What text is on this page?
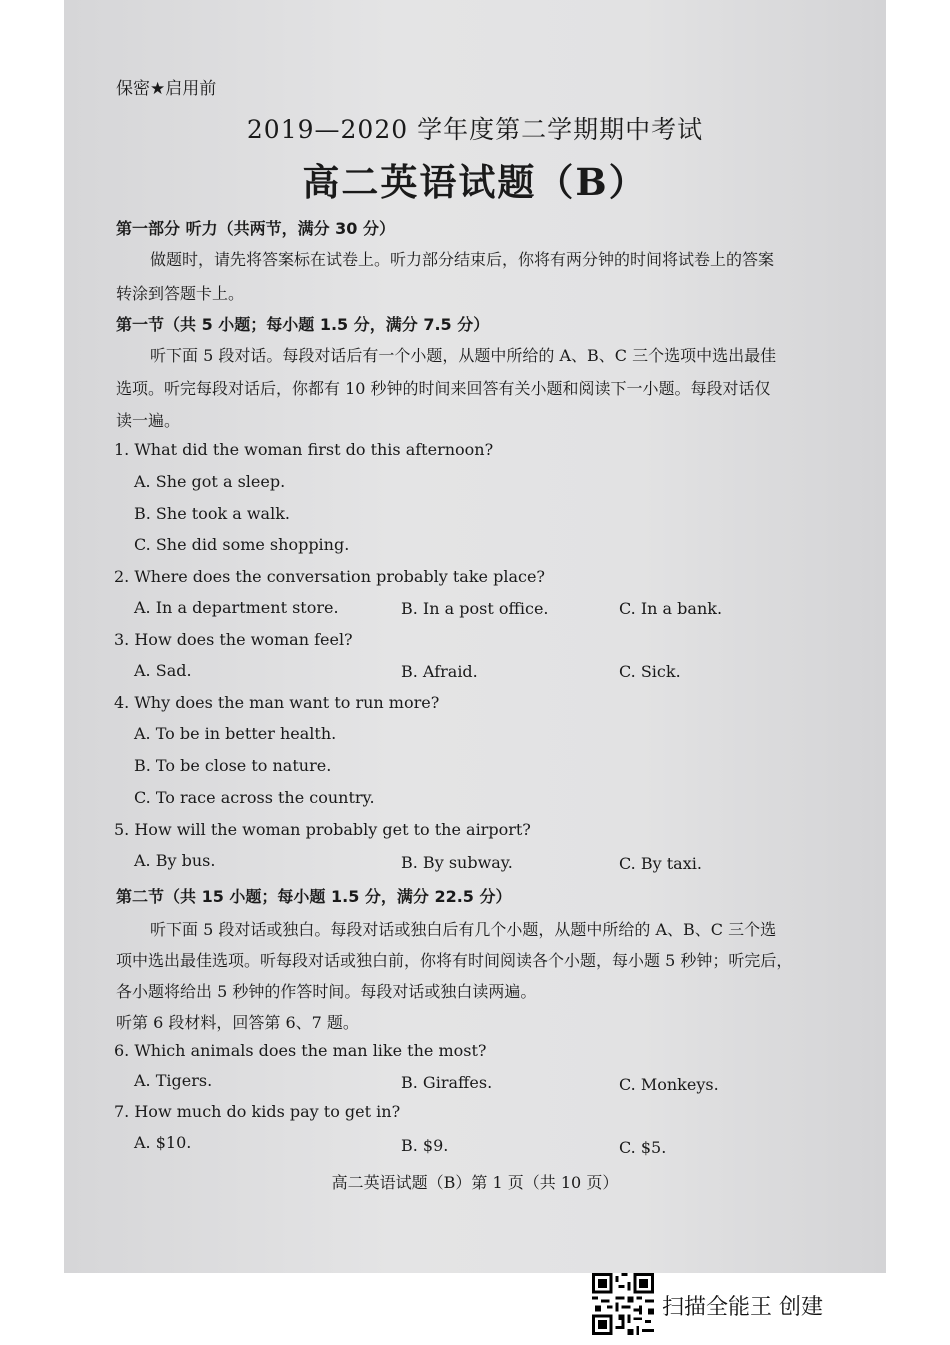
保密★启用前
2019—2020 学年度第二学期期中考试
高二英语试题（B）
第一部分 听力（共两节，满分 30 分）
做题时，请先将答案标在试卷上。听力部分结束后，你将有两分钟的时间将试卷上的答案
转涂到答题卡上。
第一节（共 5 小题；每小题 1.5 分，满分 7.5 分）
听下面 5 段对话。每段对话后有一个小题，从题中所给的 A、B、C 三个选项中选出最佳
选项。听完每段对话后，你都有 10 秒钟的时间来回答有关小题和阅读下一小题。每段对话仅
读一遍。
1. What did the woman first do this afternoon?
A. She got a sleep.
B. She took a walk.
C. She did some shopping.
2. Where does the conversation probably take place?
A. In a department store.	B. In a post office.	C. In a bank.
3. How does the woman feel?
A. Sad.	B. Afraid.	C. Sick.
4. Why does the man want to run more?
A. To be in better health.
B. To be close to nature.
C. To race across the country.
5. How will the woman probably get to the airport?
A. By bus.	B. By subway.	C. By taxi.
第二节（共 15 小题；每小题 1.5 分，满分 22.5 分）
听下面 5 段对话或独白。每段对话或独白后有几个小题，从题中所给的 A、B、C 三个选
项中选出最佳选项。听每段对话或独白前，你将有时间阅读各个小题，每小题 5 秒钟；听完后，
各小题将给出 5 秒钟的作答时间。每段对话或独白读两遍。
听第 6 段材料，回答第 6、7 题。
6. Which animals does the man like the most?
A. Tigers.	B. Giraffes.	C. Monkeys.
7. How much do kids pay to get in?
A. $10.	B. $9.	C. $5.
高二英语试题（B）第 1 页（共 10 页）
扫描全能王 创建
